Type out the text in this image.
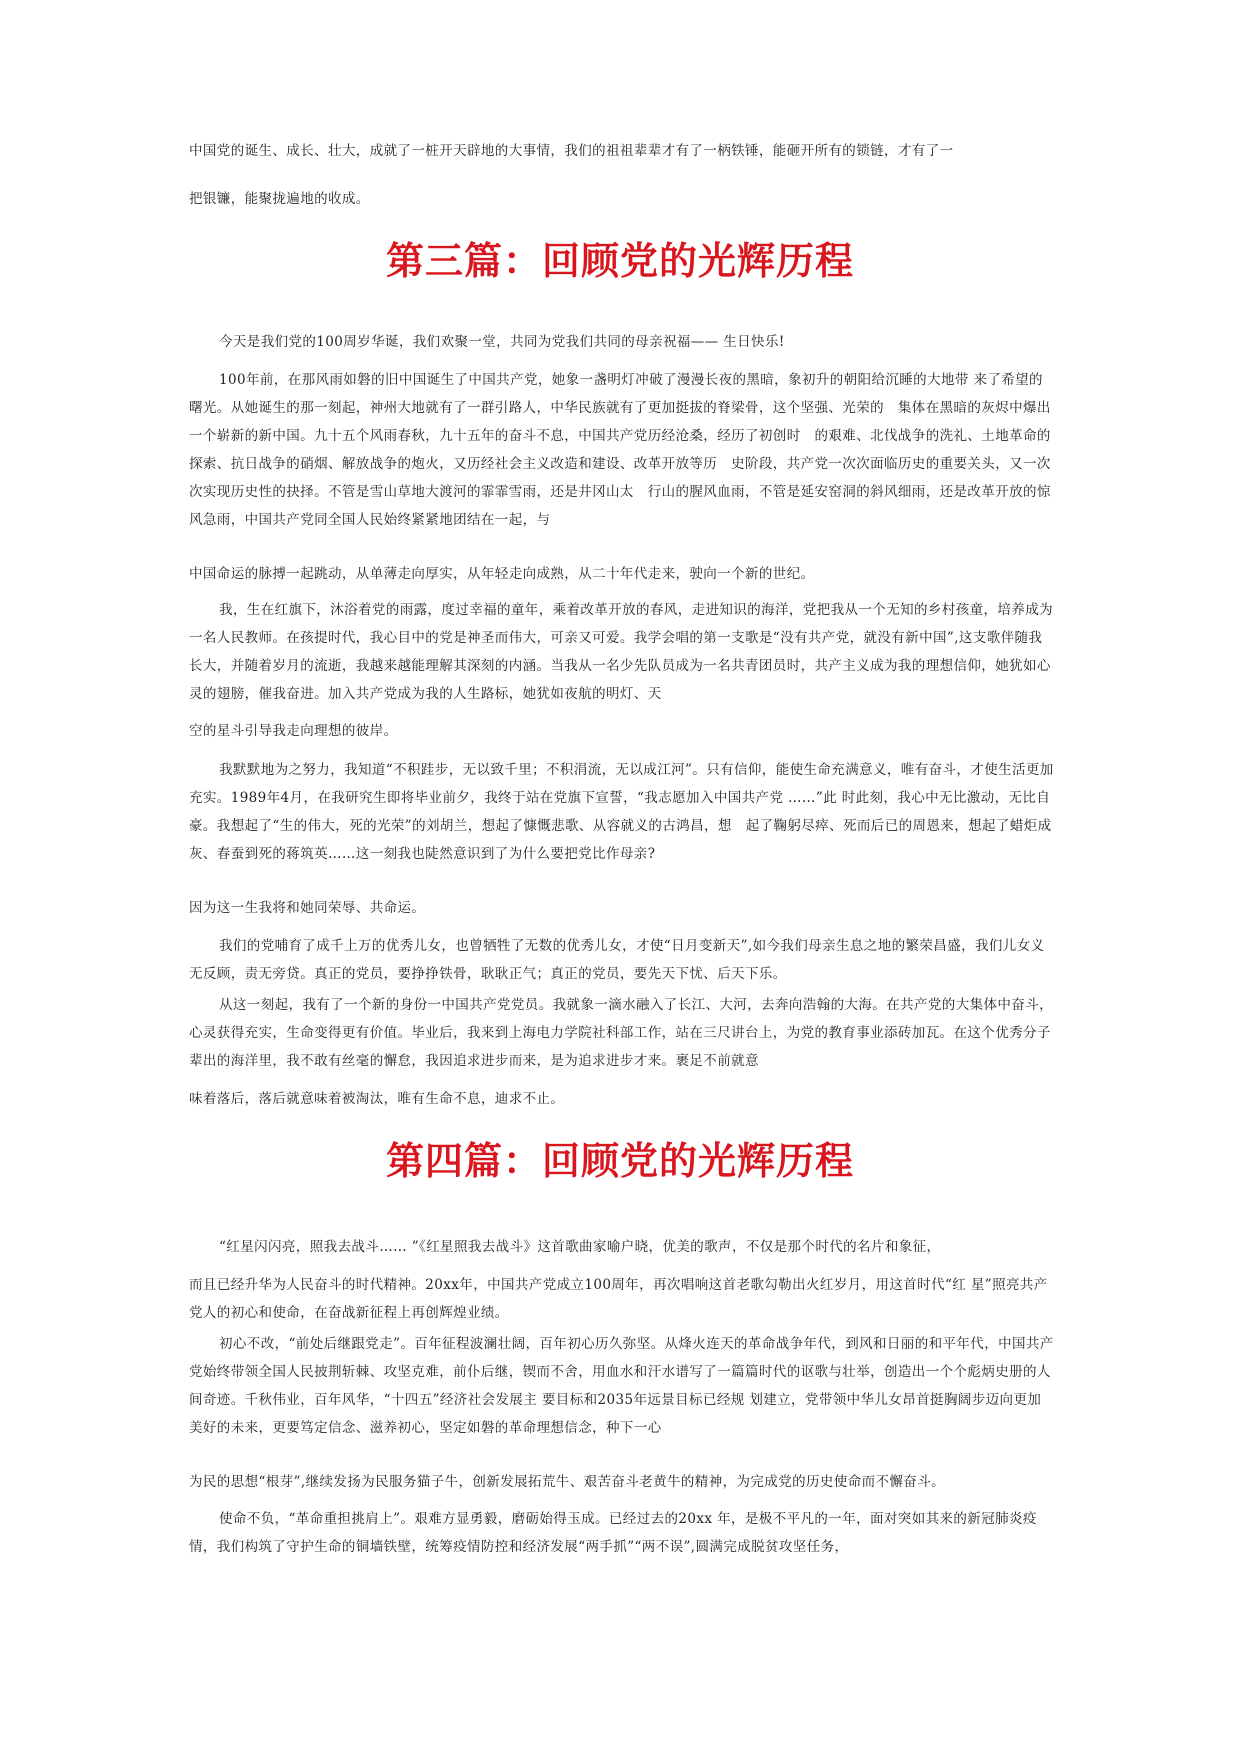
中国党的诞生、成长、壮大，成就了一桩开天辟地的大事情，我们的祖祖辈辈才有了一柄铁锤，能砸开所有的锁链，才有了一

把银镰，能聚拢遍地的收成。

第三篇：回顾党的光辉历程

今天是我们党的100周岁华诞，我们欢聚一堂，共同为党我们共同的母亲祝福—— 生日快乐!

100年前，在那风雨如磐的旧中国诞生了中国共产党，她象一盏明灯冲破了漫漫长夜的黑暗，象初升的朝阳给沉睡的大地带 来了希望的曙光。从她诞生的那一刻起，神州大地就有了一群引路人，中华民族就有了更加挺拔的脊梁骨，这个坚强、光荣的　集体在黑暗的灰烬中爆出一个崭新的新中国。九十五个风雨春秋，九十五年的奋斗不息，中国共产党历经沧桑，经历了初创时　的艰难、北伐战争的洗礼、土地革命的探索、抗日战争的硝烟、解放战争的炮火，又历经社会主义改造和建设、改革开放等历　史阶段，共产党一次次面临历史的重要关头，又一次次实现历史性的抉择。不管是雪山草地大渡河的霏霏雪雨，还是井冈山太　行山的腥风血雨，不管是延安窑洞的斜风细雨，还是改革开放的惊风急雨，中国共产党同全国人民始终紧紧地团结在一起，与

中国命运的脉搏一起跳动，从单薄走向厚实，从年轻走向成熟，从二十年代走来，驶向一个新的世纪。

我，生在红旗下，沐浴着党的雨露，度过幸福的童年，乘着改革开放的春风，走进知识的海洋，党把我从一个无知的乡村孩童，培养成为一名人民教师。在孩提时代，我心目中的党是神圣而伟大，可亲又可爱。我学会唱的第一支歌是“没有共产党，就没有新中国”,这支歌伴随我长大，并随着岁月的流逝，我越来越能理解其深刻的内涵。当我从一名少先队员成为一名共青团员时，共产主义成为我的理想信仰，她犹如心灵的翅膀，催我奋进。加入共产党成为我的人生路标，她犹如夜航的明灯、天

空的星斗引导我走向理想的彼岸。

我默默地为之努力，我知道“不积跬步，无以致千里；不积涓流，无以成江河”。只有信仰，能使生命充满意义，唯有奋斗，才使生活更加充实。1989年4月，在我研究生即将毕业前夕，我终于站在党旗下宣誓，“我志愿加入中国共产党 ……”此 时此刻，我心中无比激动，无比自豪。我想起了“生的伟大，死的光荣”的刘胡兰，想起了慷慨悲歌、从容就义的古鸿昌，想　起了鞠躬尽瘁、死而后已的周恩来，想起了蜡炬成灰、春蚕到死的蒋筑英……这一刻我也陡然意识到了为什么要把党比作母亲?

因为这一生我将和她同荣辱、共命运。

我们的党哺育了成千上万的优秀儿女，也曾牺牲了无数的优秀儿女，才使“日月变新天”,如今我们母亲生息之地的繁荣昌盛，我们儿女义无反顾，责无旁贷。真正的党员，要挣挣铁骨，耿耿正气；真正的党员，要先天下忧、后天下乐。

从这一刻起，我有了一个新的身份一中国共产党党员。我就象一滴水融入了长江、大河，去奔向浩翰的大海。在共产党的大集体中奋斗，心灵获得充实，生命变得更有价值。毕业后，我来到上海电力学院社科部工作，站在三尺讲台上，为党的教育事业添砖加瓦。在这个优秀分子辈出的海洋里，我不敢有丝毫的懈怠，我因追求进步而来，是为追求进步才来。裹足不前就意

味着落后，落后就意味着被淘汰，唯有生命不息，迪求不止。

第四篇：回顾党的光辉历程

“红星闪闪亮，照我去战斗…… ”《红星照我去战斗》这首歌曲家喻户晓，优美的歌声，不仅是那个时代的名片和象征，

而且已经升华为人民奋斗的时代精神。20xx年，中国共产党成立100周年，再次唱响这首老歌勾勒出火红岁月，用这首时代“红 星”照亮共产党人的初心和使命，在奋战新征程上再创辉煌业绩。

初心不改，“前处后继跟党走”。百年征程波澜壮阔，百年初心历久弥坚。从烽火连天的革命战争年代，到风和日丽的和平年代，中国共产党始终带领全国人民披荆斩棘、攻坚克难，前仆后继，锲而不舍，用血水和汗水谱写了一篇篇时代的讴歌与壮举，创造出一个个彪炳史册的人间奇迹。千秋伟业，百年风华，“十四五”经济社会发展主 要目标和2035年远景目标已经规 划建立，党带领中华儿女昂首挺胸阔步迈向更加美好的未来，更要笃定信念、滋养初心，坚定如磐的革命理想信念，种下一心

为民的思想“根芽”,继续发扬为民服务猫子牛，创新发展拓荒牛、艰苦奋斗老黄牛的精神，为完成党的历史使命而不懈奋斗。

使命不负，“革命重担挑肩上”。艰难方显勇毅，磨砺始得玉成。已经过去的20xx 年，是极不平凡的一年，面对突如其来的新冠肺炎疫情，我们构筑了守护生命的铜墙铁壁，统筹疫情防控和经济发展“两手抓”“两不误”,圆满完成脱贫攻坚任务，
